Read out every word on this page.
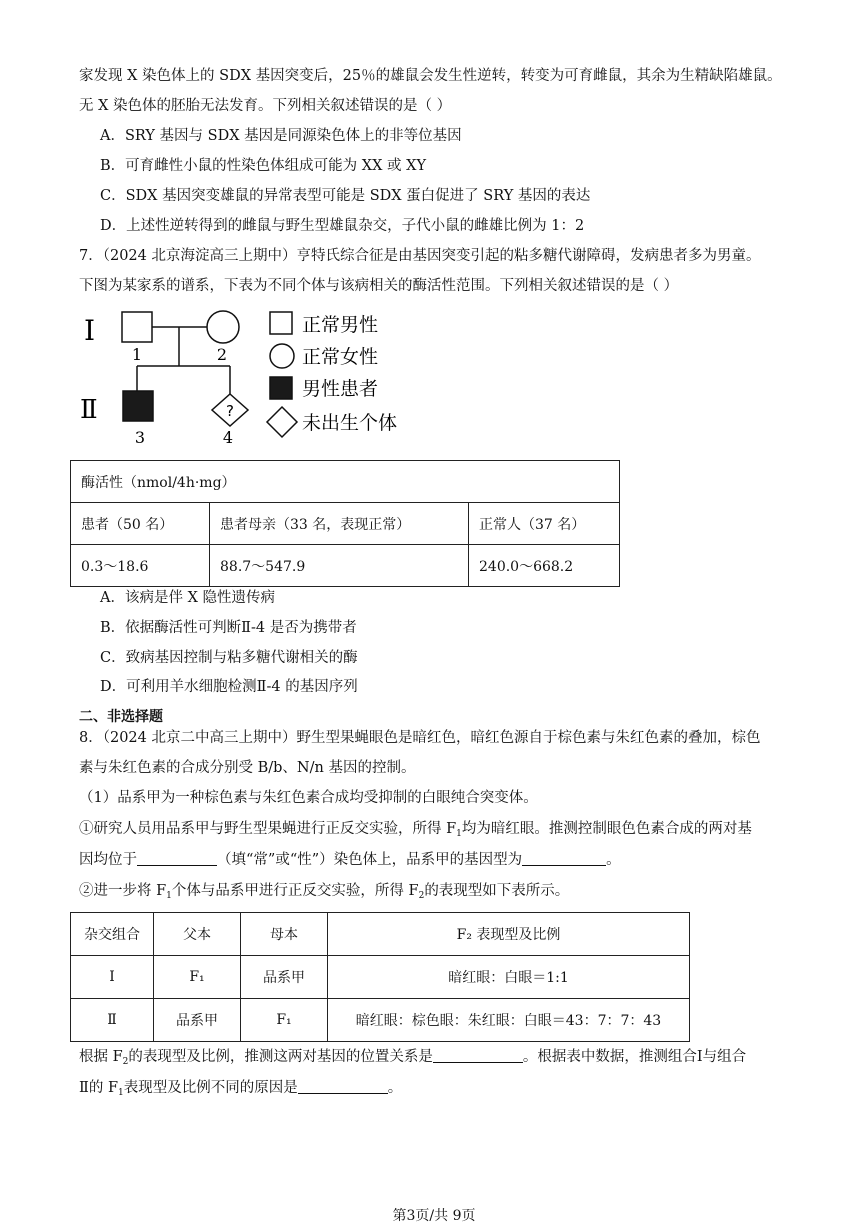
家发现 X 染色体上的 SDX 基因突变后，25％的雄鼠会发生性逆转，转变为可育雌鼠，其余为生精缺陷雄鼠。
无 X 染色体的胚胎无法发育。下列相关叙述错误的是（ ）
A．SRY 基因与 SDX 基因是同源染色体上的非等位基因
B．可育雌性小鼠的性染色体组成可能为 XX 或 XY
C．SDX 基因突变雄鼠的异常表型可能是 SDX 蛋白促进了 SRY 基因的表达
D．上述性逆转得到的雌鼠与野生型雄鼠杂交，子代小鼠的雌雄比例为 1：2
7．（2024 北京海淀高三上期中）亨特氏综合征是由基因突变引起的粘多糖代谢障碍，发病患者多为男童。
下图为某家系的谱系，下表为不同个体与该病相关的酶活性范围。下列相关叙述错误的是（ ）
I
Ⅱ	?
1	2
3	4
正常男性
正常女性
男性患者
未出生个体
酶活性（nmol/4h·mg）		
患者（50 名）	患者母亲（33 名，表现正常）	正常人（37 名）
0.3～18.6	88.7～547.9	240.0～668.2
A．该病是伴 X 隐性遗传病
B．依据酶活性可判断Ⅱ-4 是否为携带者
C．致病基因控制与粘多糖代谢相关的酶
D．可利用羊水细胞检测Ⅱ-4 的基因序列
二、非选择题
8．（2024 北京二中高三上期中）野生型果蝇眼色是暗红色，暗红色源自于棕色素与朱红色素的叠加，棕色
素与朱红色素的合成分别受 B/b、N/n 基因的控制。
（1）品系甲为一种棕色素与朱红色素合成均受抑制的白眼纯合突变体。
①研究人员用品系甲与野生型果蝇进行正反交实验，所得 $F_1$均为暗红眼。推测控制眼色色素合成的两对基
因均位于	（填“常”或“性”）染色体上，品系甲的基因型为	。
②进一步将 $F_1$个体与品系甲进行正反交实验，所得 $F_2$的表现型如下表所示。
杂交组合	父本	母本	F₂ 表现型及比例
Ⅰ	F₁	品系甲	暗红眼：白眼＝1:1
Ⅱ	品系甲	F₁	暗红眼：棕色眼：朱红眼：白眼＝43：7：7：43
根据 $F_2$的表现型及比例，推测这两对基因的位置关系是	。根据表中数据，推测组合Ⅰ与组合
Ⅱ的 $F_1$表现型及比例不同的原因是	。
第3页/共 9页
